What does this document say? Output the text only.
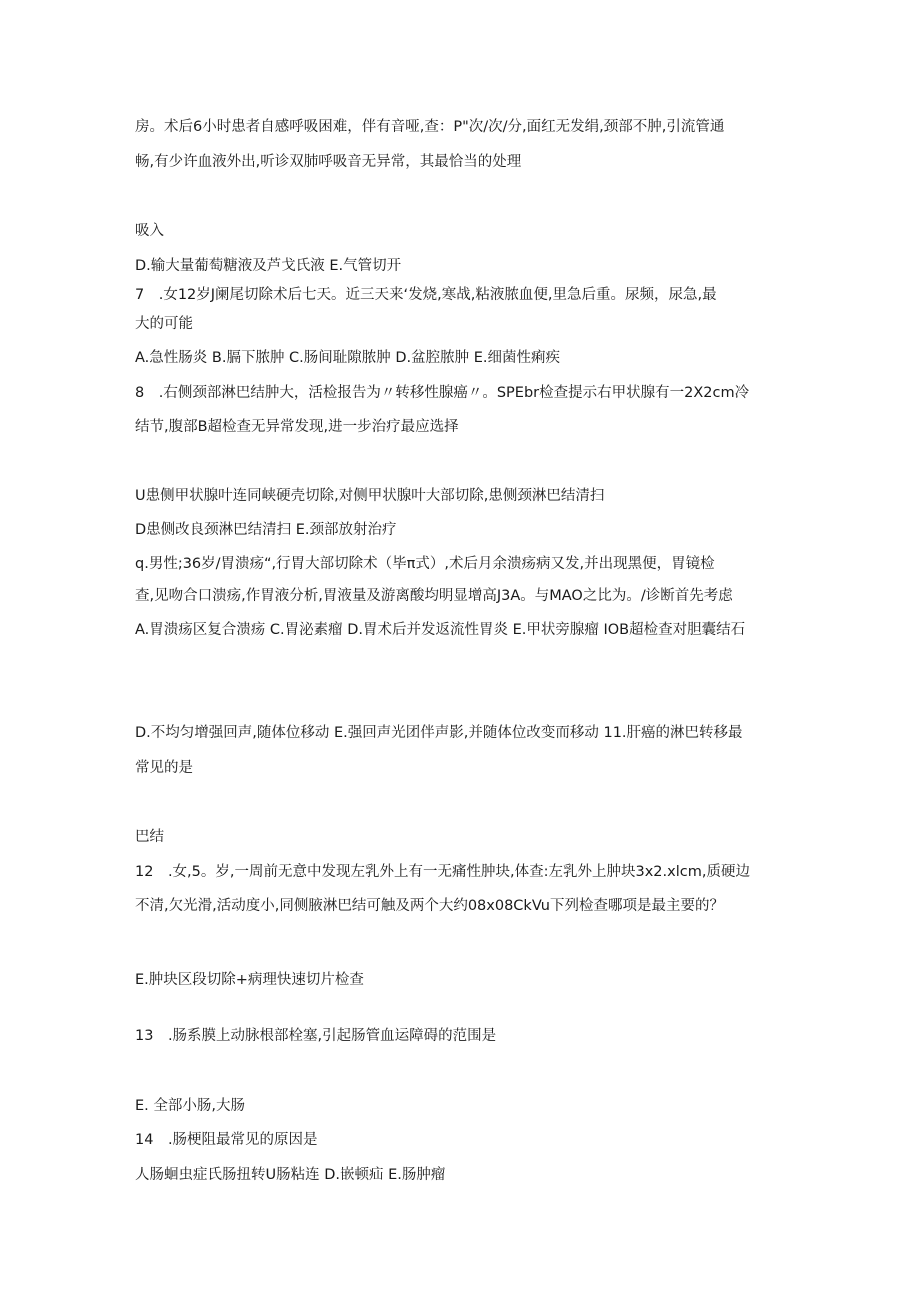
房。术后6小时患者自感呼吸困难，伴有音哑,查：P"次/次/分,面红无发绢,颈部不肿,引流管通
畅,有少许血液外出,听诊双肺呼吸音无异常，其最恰当的处理
吸入
D.输大量葡萄糖液及芦戈氏液 E.气管切开
7　.女12岁J阑尾切除术后七天。近三天来‘发烧,寒战,粘液脓血便,里急后重。尿频，尿急,最
大的可能
A.急性肠炎 B.膈下脓肿 C.肠间耻隙脓肿 D.盆腔脓肿 E.细菌性痢疾
8　.右侧颈部淋巴结肿大，活检报告为〃转移性腺癌〃。SPEbr检查提示右甲状腺有一2X2cm冷
结节,腹部B超检查无异常发现,进一步治疗最应选择
U患侧甲状腺叶连同峡硬壳切除,对侧甲状腺叶大部切除,患侧颈淋巴结清扫
D患侧改良颈淋巴结清扫 E.颈部放射治疗
q.男性;36岁/胃溃疡“,行胃大部切除术（毕π式）,术后月余溃疡病又发,并出现黑便，胃镜检
查,见吻合口溃疡,作胃液分析,胃液量及游离酸均明显增高J3A。与MAO之比为。/诊断首先考虑
A.胃溃疡区复合溃疡 C.胃泌素瘤 D.胃术后并发返流性胃炎 E.甲状旁腺瘤 IOB超检查对胆囊结石
D.不均匀增强回声,随体位移动 E.强回声光团伴声影,并随体位改变而移动 11.肝癌的淋巴转移最
常见的是
巴结
12　.女,5。岁,一周前无意中发现左乳外上有一无痛性肿块,体查:左乳外上肿块3x2.xlcm,质硬边
不清,欠光滑,活动度小,同侧腋淋巴结可触及两个大约08x08CkVu下列检查哪项是最主要的？
E.肿块区段切除+病理快速切片检查
13　.肠系膜上动脉根部栓塞,引起肠管血运障碍的范围是
E. 全部小肠,大肠
14　.肠梗阻最常见的原因是
人肠蛔虫症氏肠扭转U肠粘连 D.嵌顿疝 E.肠肿瘤
